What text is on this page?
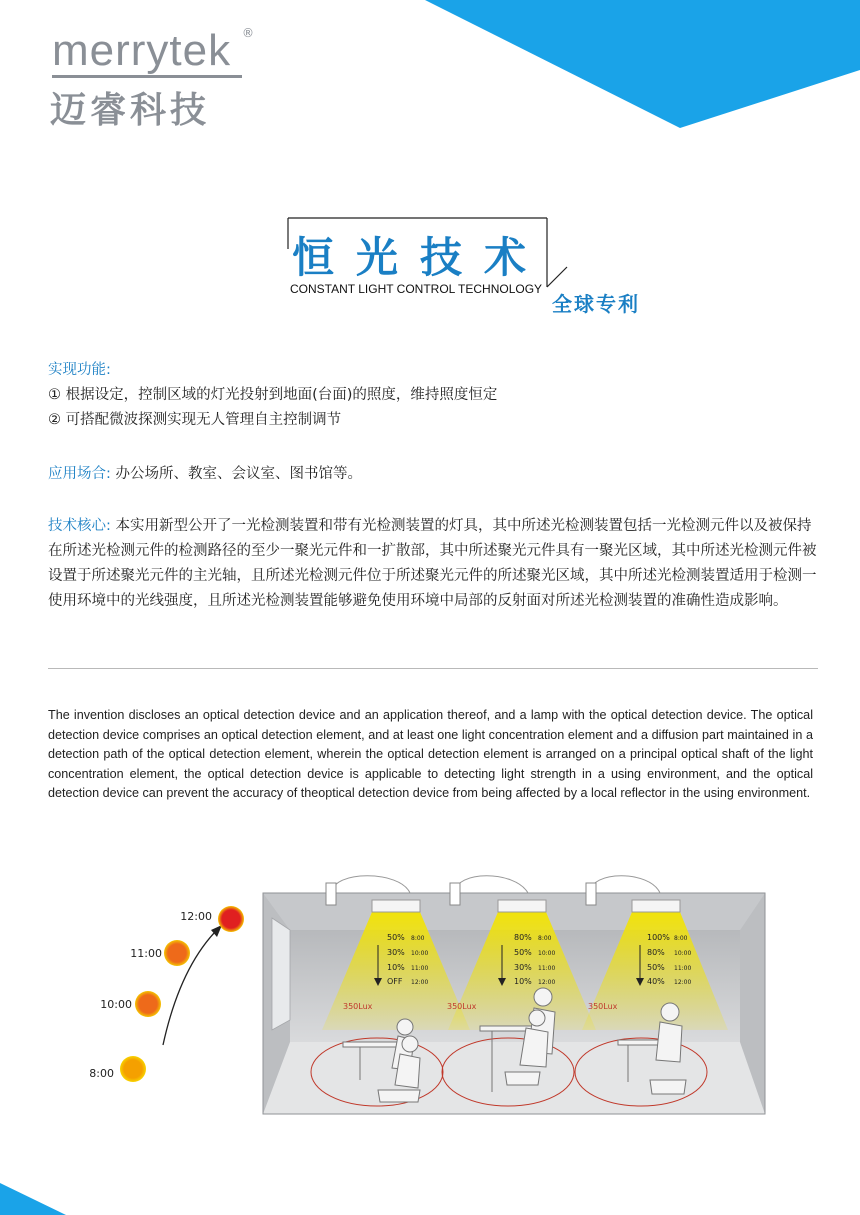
merrytek ®
迈睿科技
恒光技术
CONSTANT LIGHT CONTROL TECHNOLOGY
全球专利
实现功能:
① 根据设定，控制区域的灯光投射到地面(台面)的照度，维持照度恒定
② 可搭配微波探测实现无人管理自主控制调节
应用场合: 办公场所、教室、会议室、图书馆等。
技术核心: 本实用新型公开了一光检测装置和带有光检测装置的灯具，其中所述光检测装置包括一光检测元件以及被保持在所述光检测元件的检测路径的至少一聚光元件和一扩散部，其中所述聚光元件具有一聚光区域，其中所述光检测元件被设置于所述聚光元件的主光轴，且所述光检测元件位于所述聚光元件的所述聚光区域，其中所述光检测装置适用于检测一使用环境中的光线强度，且所述光检测装置能够避免使用环境中局部的反射面对所述光检测装置的准确性造成影响。
The invention discloses an optical detection device and an application thereof, and a lamp with the optical detection device. The optical detection device comprises an optical detection element, and at least one light concentration element and a diffusion part maintained in a detection path of the optical detection element, wherein the optical detection element is arranged on a principal optical shaft of the light concentration element, the optical detection device is applicable to detecting light strength in a using environment, and the optical detection device can prevent the accuracy of theoptical detection device from being affected by a local reflector in the using environment.
12:00
11:00
10:00
8:00
50%
30%
10%
OFF
8:00
10:00
11:00
12:00
350Lux
80%
50%
30%
10%
8:00
10:00
11:00
12:00
350Lux
100%
80%
50%
40%
8:00
10:00
11:00
12:00
350Lux
